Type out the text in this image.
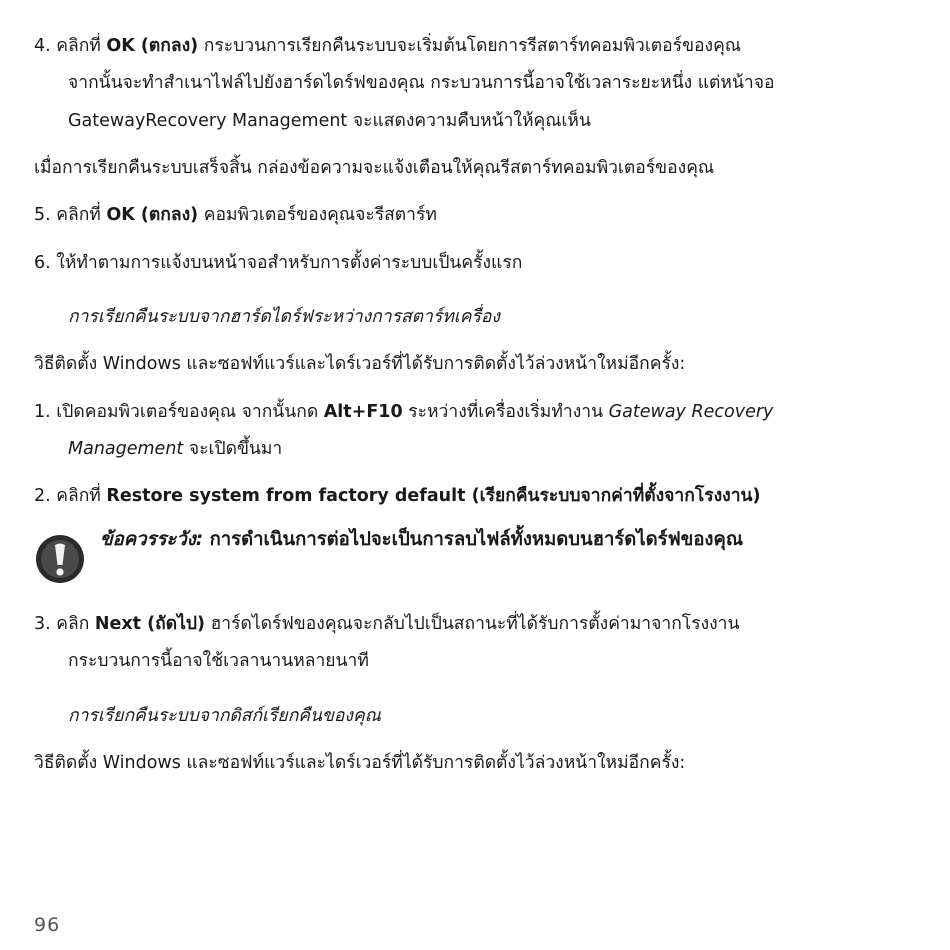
4. คลิกที่ OK (ตกลง) กระบวนการเรียกคืนระบบจะเริ่มต้นโดยการรีสตาร์ทคอมพิวเตอร์ของคุณ
จากนั้นจะทำสำเนาไฟล์ไปยังฮาร์ดไดร์ฟของคุณ กระบวนการนี้อาจใช้เวลาระยะหนึ่ง แต่หน้าจอ
GatewayRecovery Management จะแสดงความคืบหน้าให้คุณเห็น
เมื่อการเรียกคืนระบบเสร็จสิ้น กล่องข้อความจะแจ้งเตือนให้คุณรีสตาร์ทคอมพิวเตอร์ของคุณ
5. คลิกที่ OK (ตกลง) คอมพิวเตอร์ของคุณจะรีสตาร์ท
6. ให้ทำตามการแจ้งบนหน้าจอสำหรับการตั้งค่าระบบเป็นครั้งแรก
การเรียกคืนระบบจากฮาร์ดไดร์ฟระหว่างการสตาร์ทเครื่อง
วิธีติดตั้ง Windows และซอฟท์แวร์และไดร์เวอร์ที่ได้รับการติดตั้งไว้ล่วงหน้าใหม่อีกครั้ง:
1. เปิดคอมพิวเตอร์ของคุณ จากนั้นกด Alt+F10 ระหว่างที่เครื่องเริ่มทำงาน Gateway Recovery
Management จะเปิดขึ้นมา
2. คลิกที่ Restore system from factory default (เรียกคืนระบบจากค่าที่ตั้งจากโรงงาน)
ข้อควรระวัง: การดำเนินการต่อไปจะเป็นการลบไฟล์ทั้งหมดบนฮาร์ดไดร์ฟของคุณ
3. คลิก Next (ถัดไป) ฮาร์ดไดร์ฟของคุณจะกลับไปเป็นสถานะที่ได้รับการตั้งค่ามาจากโรงงาน
กระบวนการนี้อาจใช้เวลานานหลายนาที
การเรียกคืนระบบจากดิสก์เรียกคืนของคุณ
วิธีติดตั้ง Windows และซอฟท์แวร์และไดร์เวอร์ที่ได้รับการติดตั้งไว้ล่วงหน้าใหม่อีกครั้ง:
96
